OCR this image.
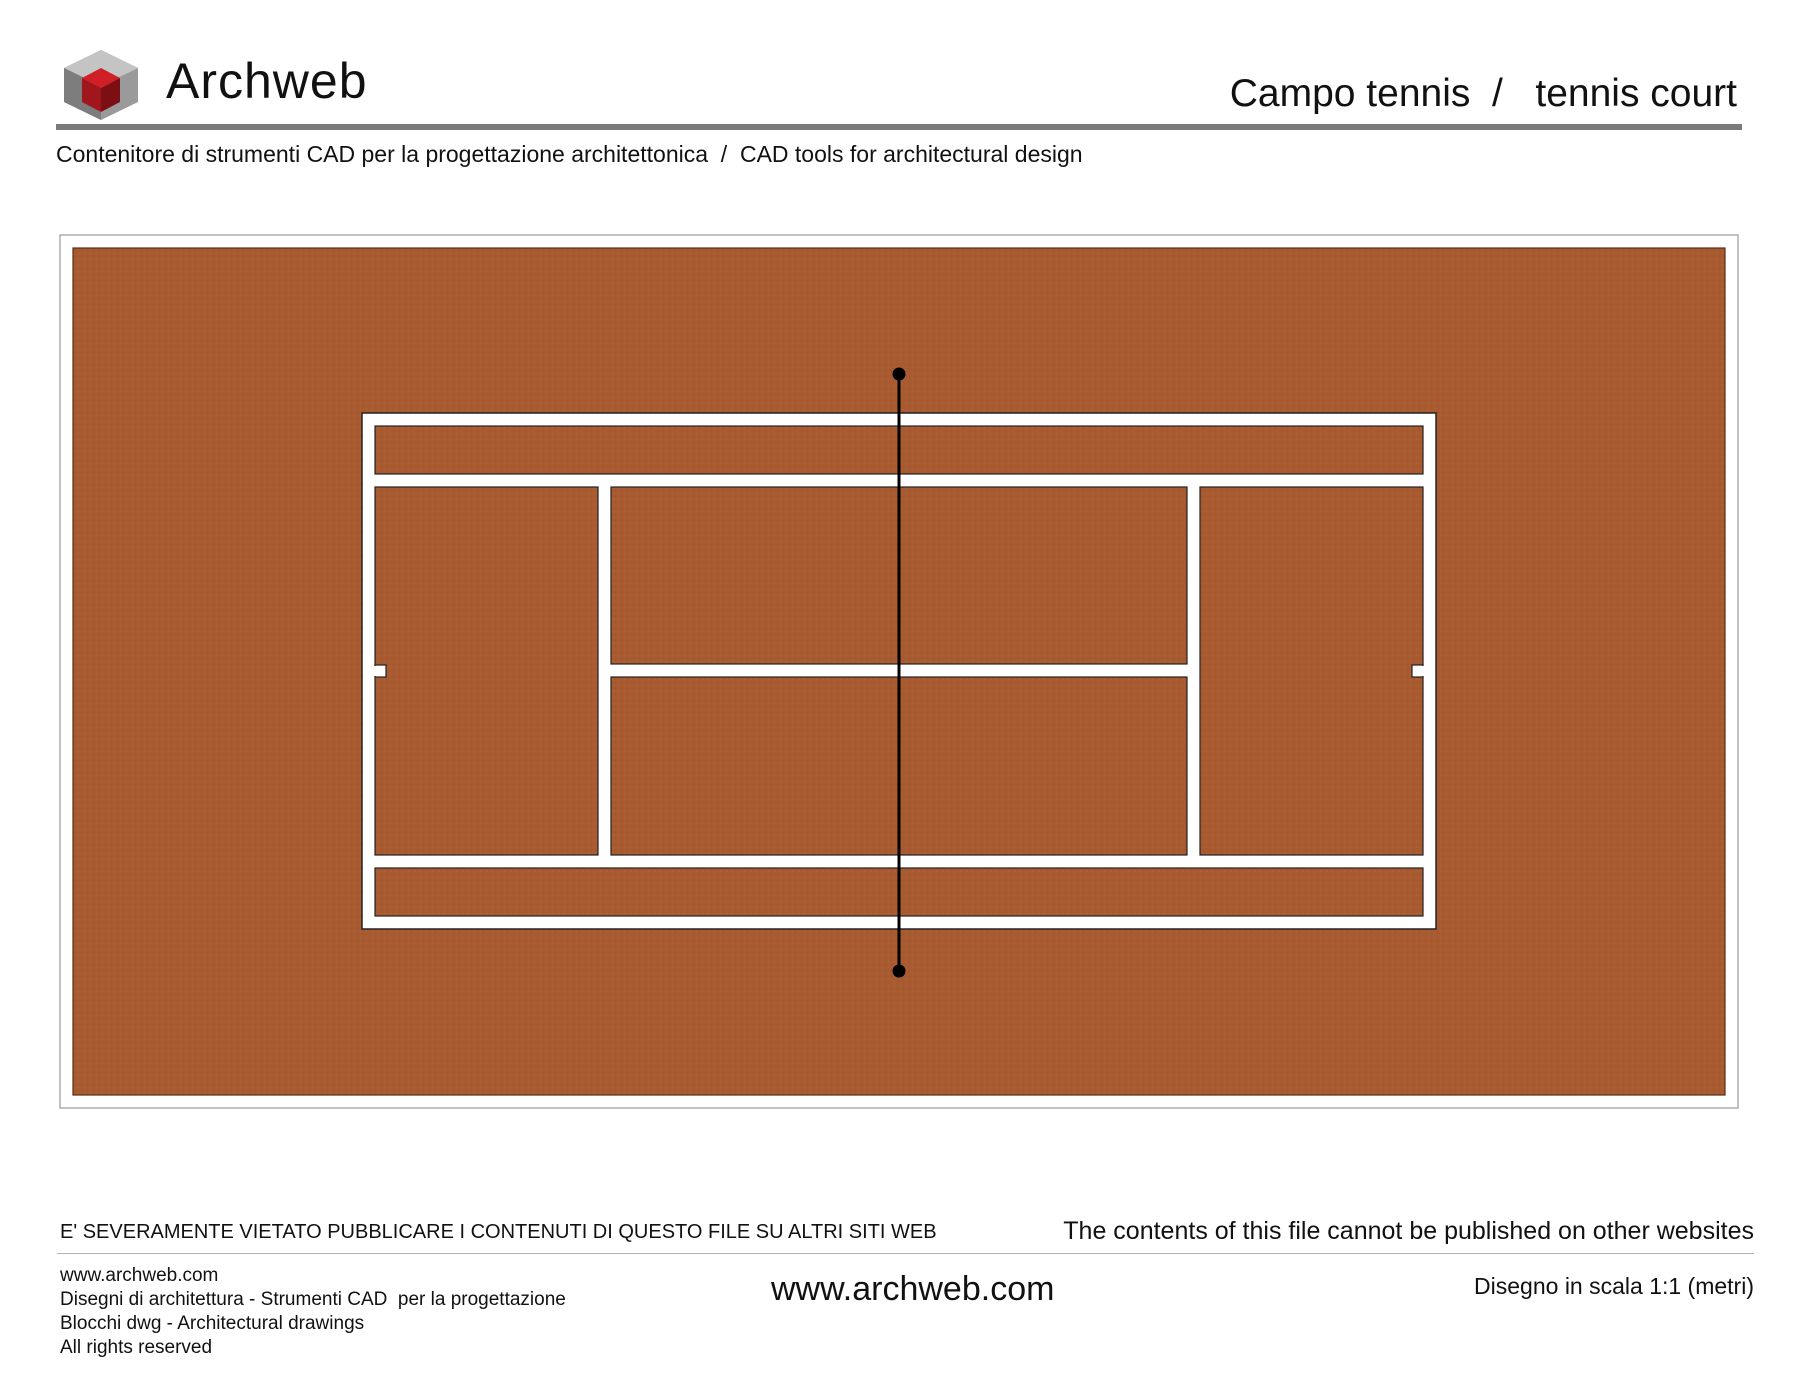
Archweb	Campo tennis  /   tennis court
Contenitore di strumenti CAD per la progettazione architettonica  /  CAD tools for architectural design
E' SEVERAMENTE VIETATO PUBBLICARE I CONTENUTI DI QUESTO FILE SU ALTRI SITI WEB	The contents of this file cannot be published on other websites
www.archweb.com
Disegni di architettura - Strumenti CAD  per la progettazione
Blocchi dwg - Architectural drawings
All rights reserved
www.archweb.com	Disegno in scala 1:1 (metri)
